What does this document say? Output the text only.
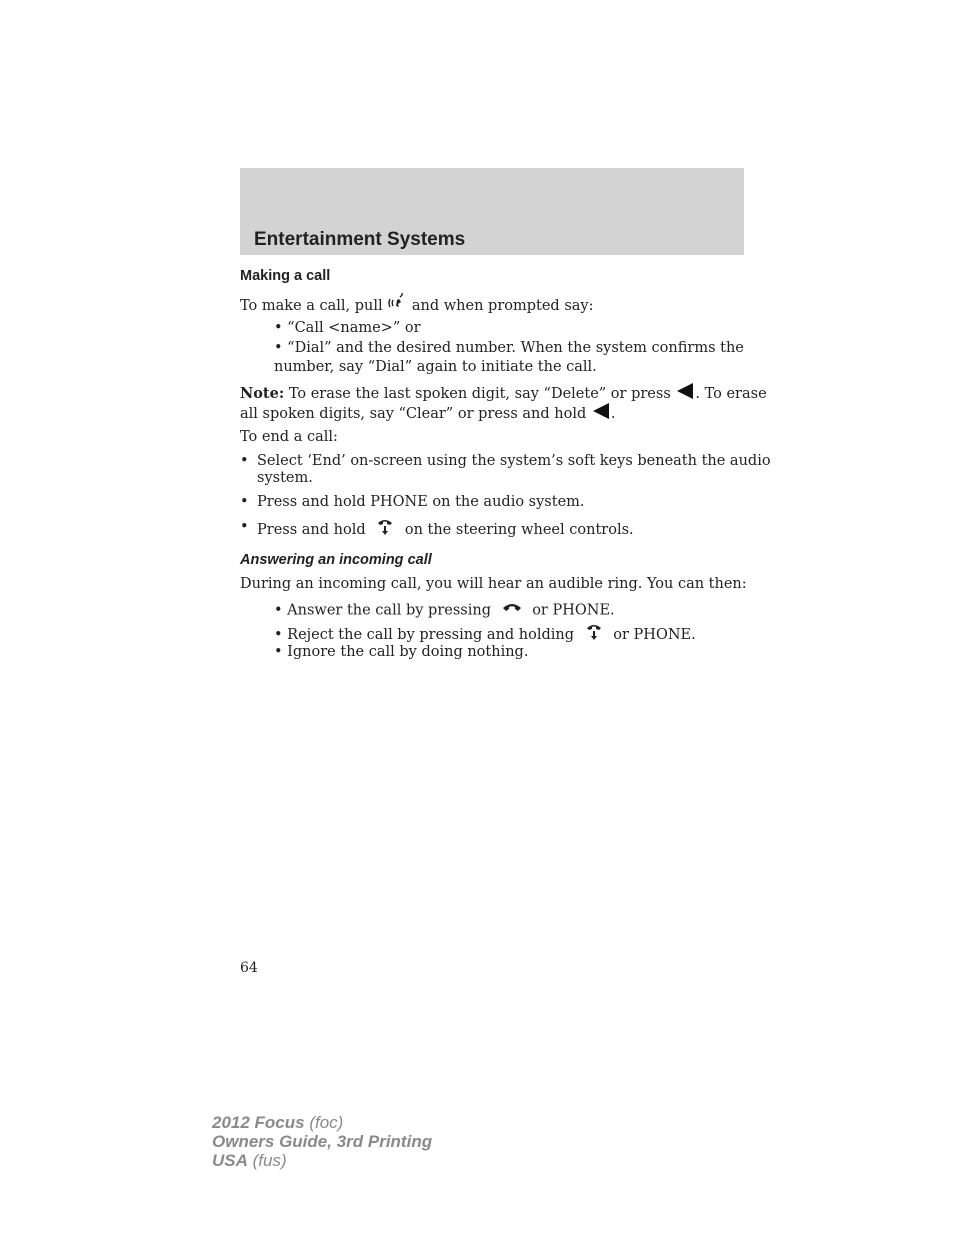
Entertainment Systems
Making a call
To make a call, pull and when prompted say:
• “Call <name>” or
• “Dial” and the desired number. When the system confirms the
number, say “Dial” again to initiate the call.
Note: To erase the last spoken digit, say “Delete” or press . To erase
all spoken digits, say “Clear” or press and hold .
To end a call:
• Select ‘End’ on-screen using the system’s soft keys beneath the audio
system.
• Press and hold PHONE on the audio system.
• Press and hold	on the steering wheel controls.
Answering an incoming call
During an incoming call, you will hear an audible ring. You can then:
• Answer the call by pressing	or PHONE.
• Reject the call by pressing and holding	or PHONE.
• Ignore the call by doing nothing.
64
2012 Focus (foc)
Owners Guide, 3rd Printing
USA (fus)
